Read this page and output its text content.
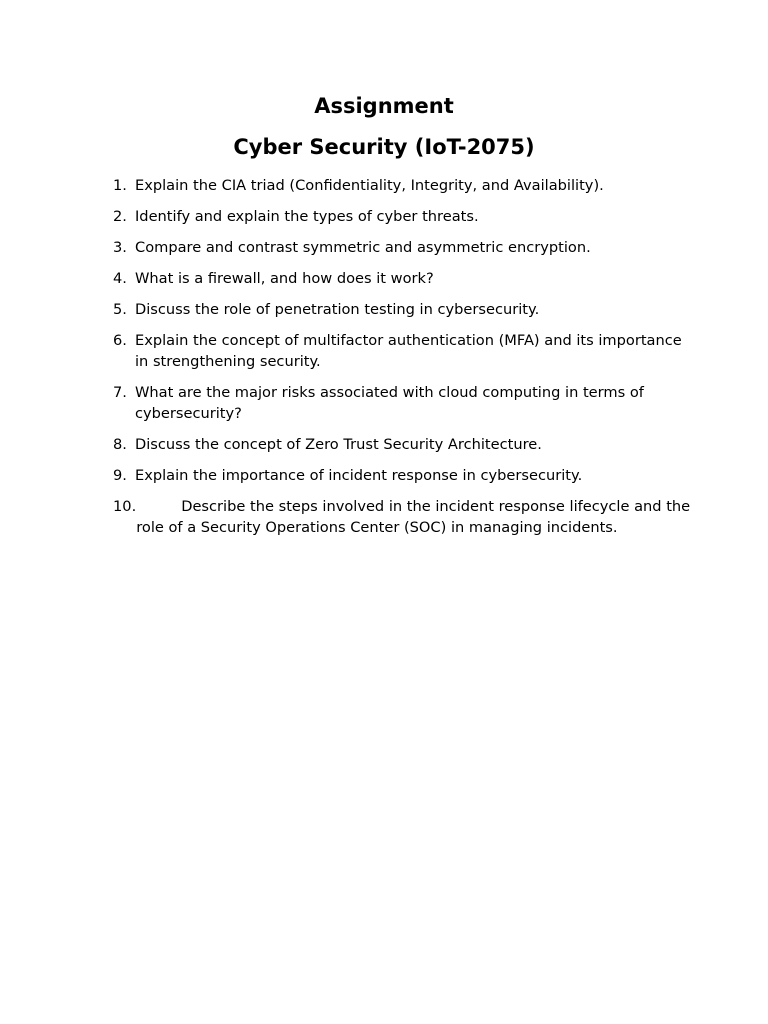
Assignment
Cyber Security (IoT-2075)
1. Explain the CIA triad (Confidentiality, Integrity, and Availability).
2. Identify and explain the types of cyber threats.
3. Compare and contrast symmetric and asymmetric encryption.
4. What is a firewall, and how does it work?
5. Discuss the role of penetration testing in cybersecurity.
6. Explain the concept of multifactor authentication (MFA) and its importance in strengthening security.
7. What are the major risks associated with cloud computing in terms of cybersecurity?
8. Discuss the concept of Zero Trust Security Architecture.
9. Explain the importance of incident response in cybersecurity.
10.	Describe the steps involved in the incident response lifecycle and the role of a Security Operations Center (SOC) in managing incidents.
